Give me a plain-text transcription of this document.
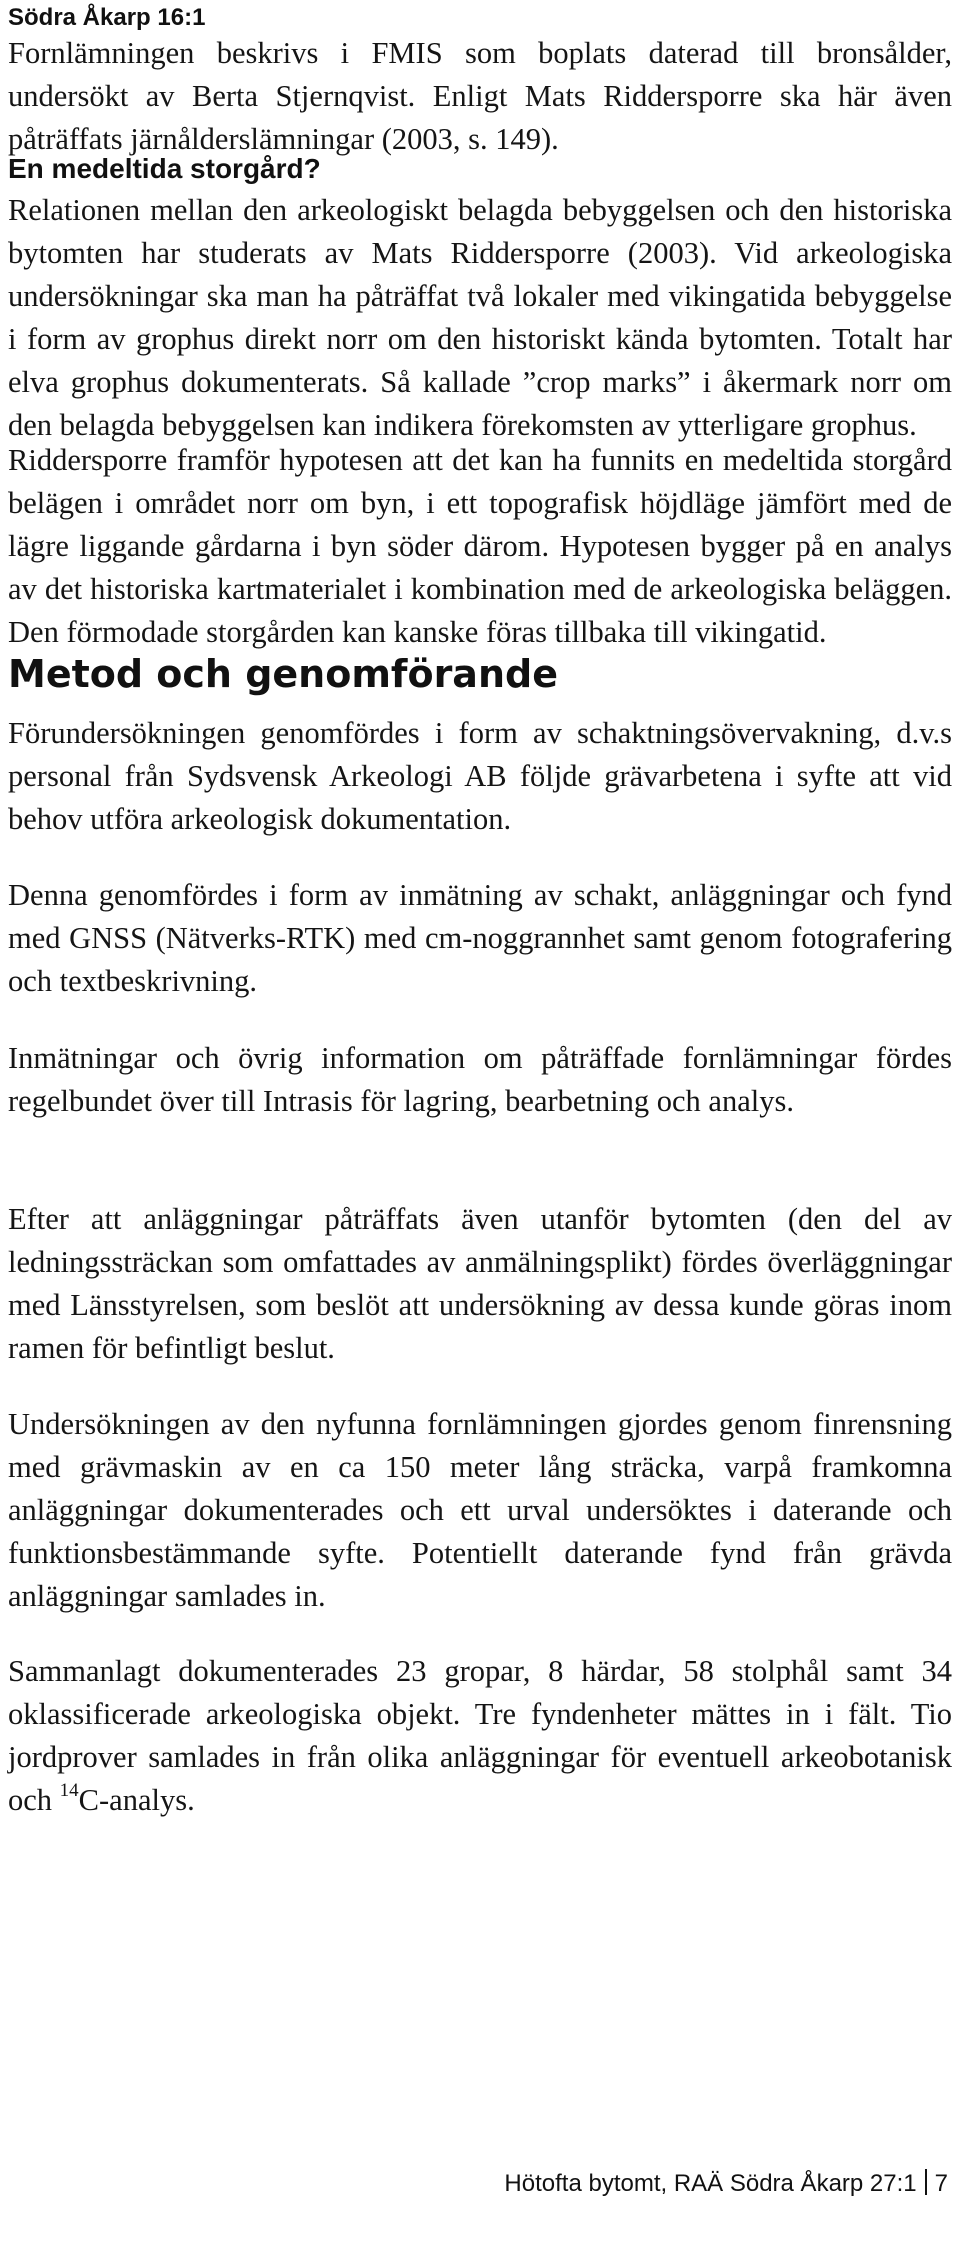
Södra Åkarp 16:1

Fornlämningen beskrivs i FMIS som boplats daterad till bronsålder, undersökt av Berta Stjernqvist. Enligt Mats Riddersporre ska här även påträffats järnålderslämningar (2003, s. 149).

En medeltida storgård?

Relationen mellan den arkeologiskt belagda bebyggelsen och den historiska bytomten har studerats av Mats Riddersporre (2003). Vid arkeologiska undersökningar ska man ha påträffat två lokaler med vikingatida bebyggelse i form av grophus direkt norr om den historiskt kända bytomten. Totalt har elva grophus dokumenterats. Så kallade ”crop marks” i åkermark norr om den belagda bebyggelsen kan indikera förekomsten av ytterligare grophus.

Riddersporre framför hypotesen att det kan ha funnits en medeltida storgård belägen i området norr om byn, i ett topografisk höjdläge jämfört med de lägre liggande gårdarna i byn söder därom. Hypotesen bygger på en analys av det historiska kartmaterialet i kombination med de arkeologiska beläggen. Den förmodade storgården kan kanske föras tillbaka till vikingatid.

Metod och genomförande

Förundersökningen genomfördes i form av schaktningsövervakning, d.v.s personal från Sydsvensk Arkeologi AB följde grävarbetena i syfte att vid behov utföra arkeologisk dokumentation.

Denna genomfördes i form av inmätning av schakt, anläggningar och fynd med GNSS (Nätverks-RTK) med cm-noggrannhet samt genom fotografering och textbeskrivning.

Inmätningar och övrig information om påträffade fornlämningar fördes regelbundet över till Intrasis för lagring, bearbetning och analys.

Efter att anläggningar påträffats även utanför bytomten (den del av ledningssträckan som omfattades av anmälningsplikt) fördes överläggningar med Länsstyrelsen, som beslöt att undersökning av dessa kunde göras inom ramen för befintligt beslut.

Undersökningen av den nyfunna fornlämningen gjordes genom finrensning med grävmaskin av en ca 150 meter lång sträcka, varpå framkomna anläggningar dokumenterades och ett urval undersöktes i daterande och funktionsbestämmande syfte. Potentiellt daterande fynd från grävda anläggningar samlades in.

Sammanlagt dokumenterades 23 gropar, 8 härdar, 58 stolphål samt 34 oklassificerade arkeologiska objekt. Tre fyndenheter mättes in i fält. Tio jordprover samlades in från olika anläggningar för eventuell arkeobotanisk och $^{14}$C-analys.

Hötofta bytomt, RAÄ Södra Åkarp 27:1 7
